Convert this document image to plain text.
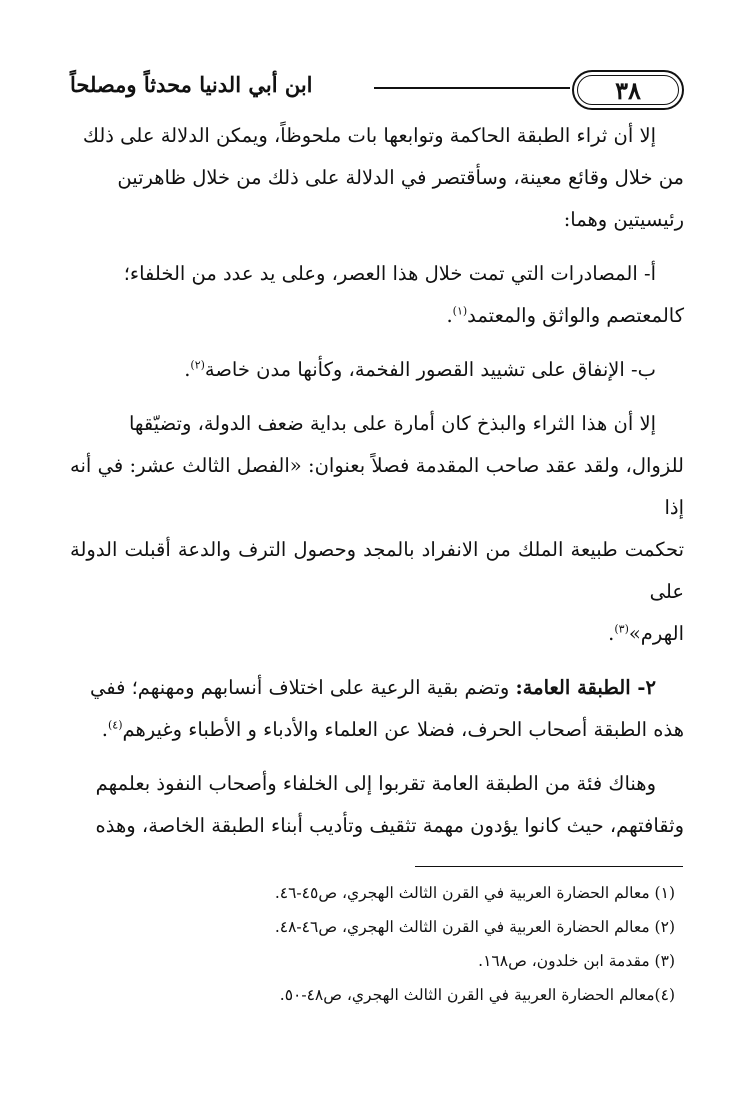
٣٨
ابن أبي الدنيا محدثاً ومصلحاً

إلا أن ثراء الطبقة الحاكمة وتوابعها بات ملحوظاً، ويمكن الدلالة على ذلك

من خلال وقائع معينة، وسأقتصر في الدلالة على ذلك من خلال ظاهرتين

رئيسيتين وهما:

أ- المصادرات التي تمت خلال هذا العصر، وعلى يد عدد من الخلفاء؛

كالمعتصم والواثق والمعتمد$^{(١)}$.

ب- الإنفاق على تشييد القصور الفخمة، وكأنها مدن خاصة$^{(٢)}$.

إلا أن هذا الثراء والبذخ كان أمارة على بداية ضعف الدولة، وتضيّقها

للزوال، ولقد عقد صاحب المقدمة فصلاً بعنوان: «الفصل الثالث عشر: في أنه إذا

تحكمت طبيعة الملك من الانفراد بالمجد وحصول الترف والدعة أقبلت الدولة على

الهرم»$^{(٣)}$.

٢- الطبقة العامة: وتضم بقية الرعية على اختلاف أنسابهم ومهنهم؛ ففي

هذه الطبقة أصحاب الحرف، فضلا عن العلماء والأدباء و الأطباء وغيرهم$^{(٤)}$.

وهناك فئة من الطبقة العامة تقربوا إلى الخلفاء وأصحاب النفوذ بعلمهم

وثقافتهم، حيث كانوا يؤدون مهمة تثقيف وتأديب أبناء الطبقة الخاصة، وهذه

(١) معالم الحضارة العربية في القرن الثالث الهجري، ص٤٥-٤٦.

(٢) معالم الحضارة العربية في القرن الثالث الهجري، ص٤٦-٤٨.

(٣) مقدمة ابن خلدون، ص١٦٨.

(٤)معالم الحضارة العربية في القرن الثالث الهجري، ص٤٨-٥٠.
